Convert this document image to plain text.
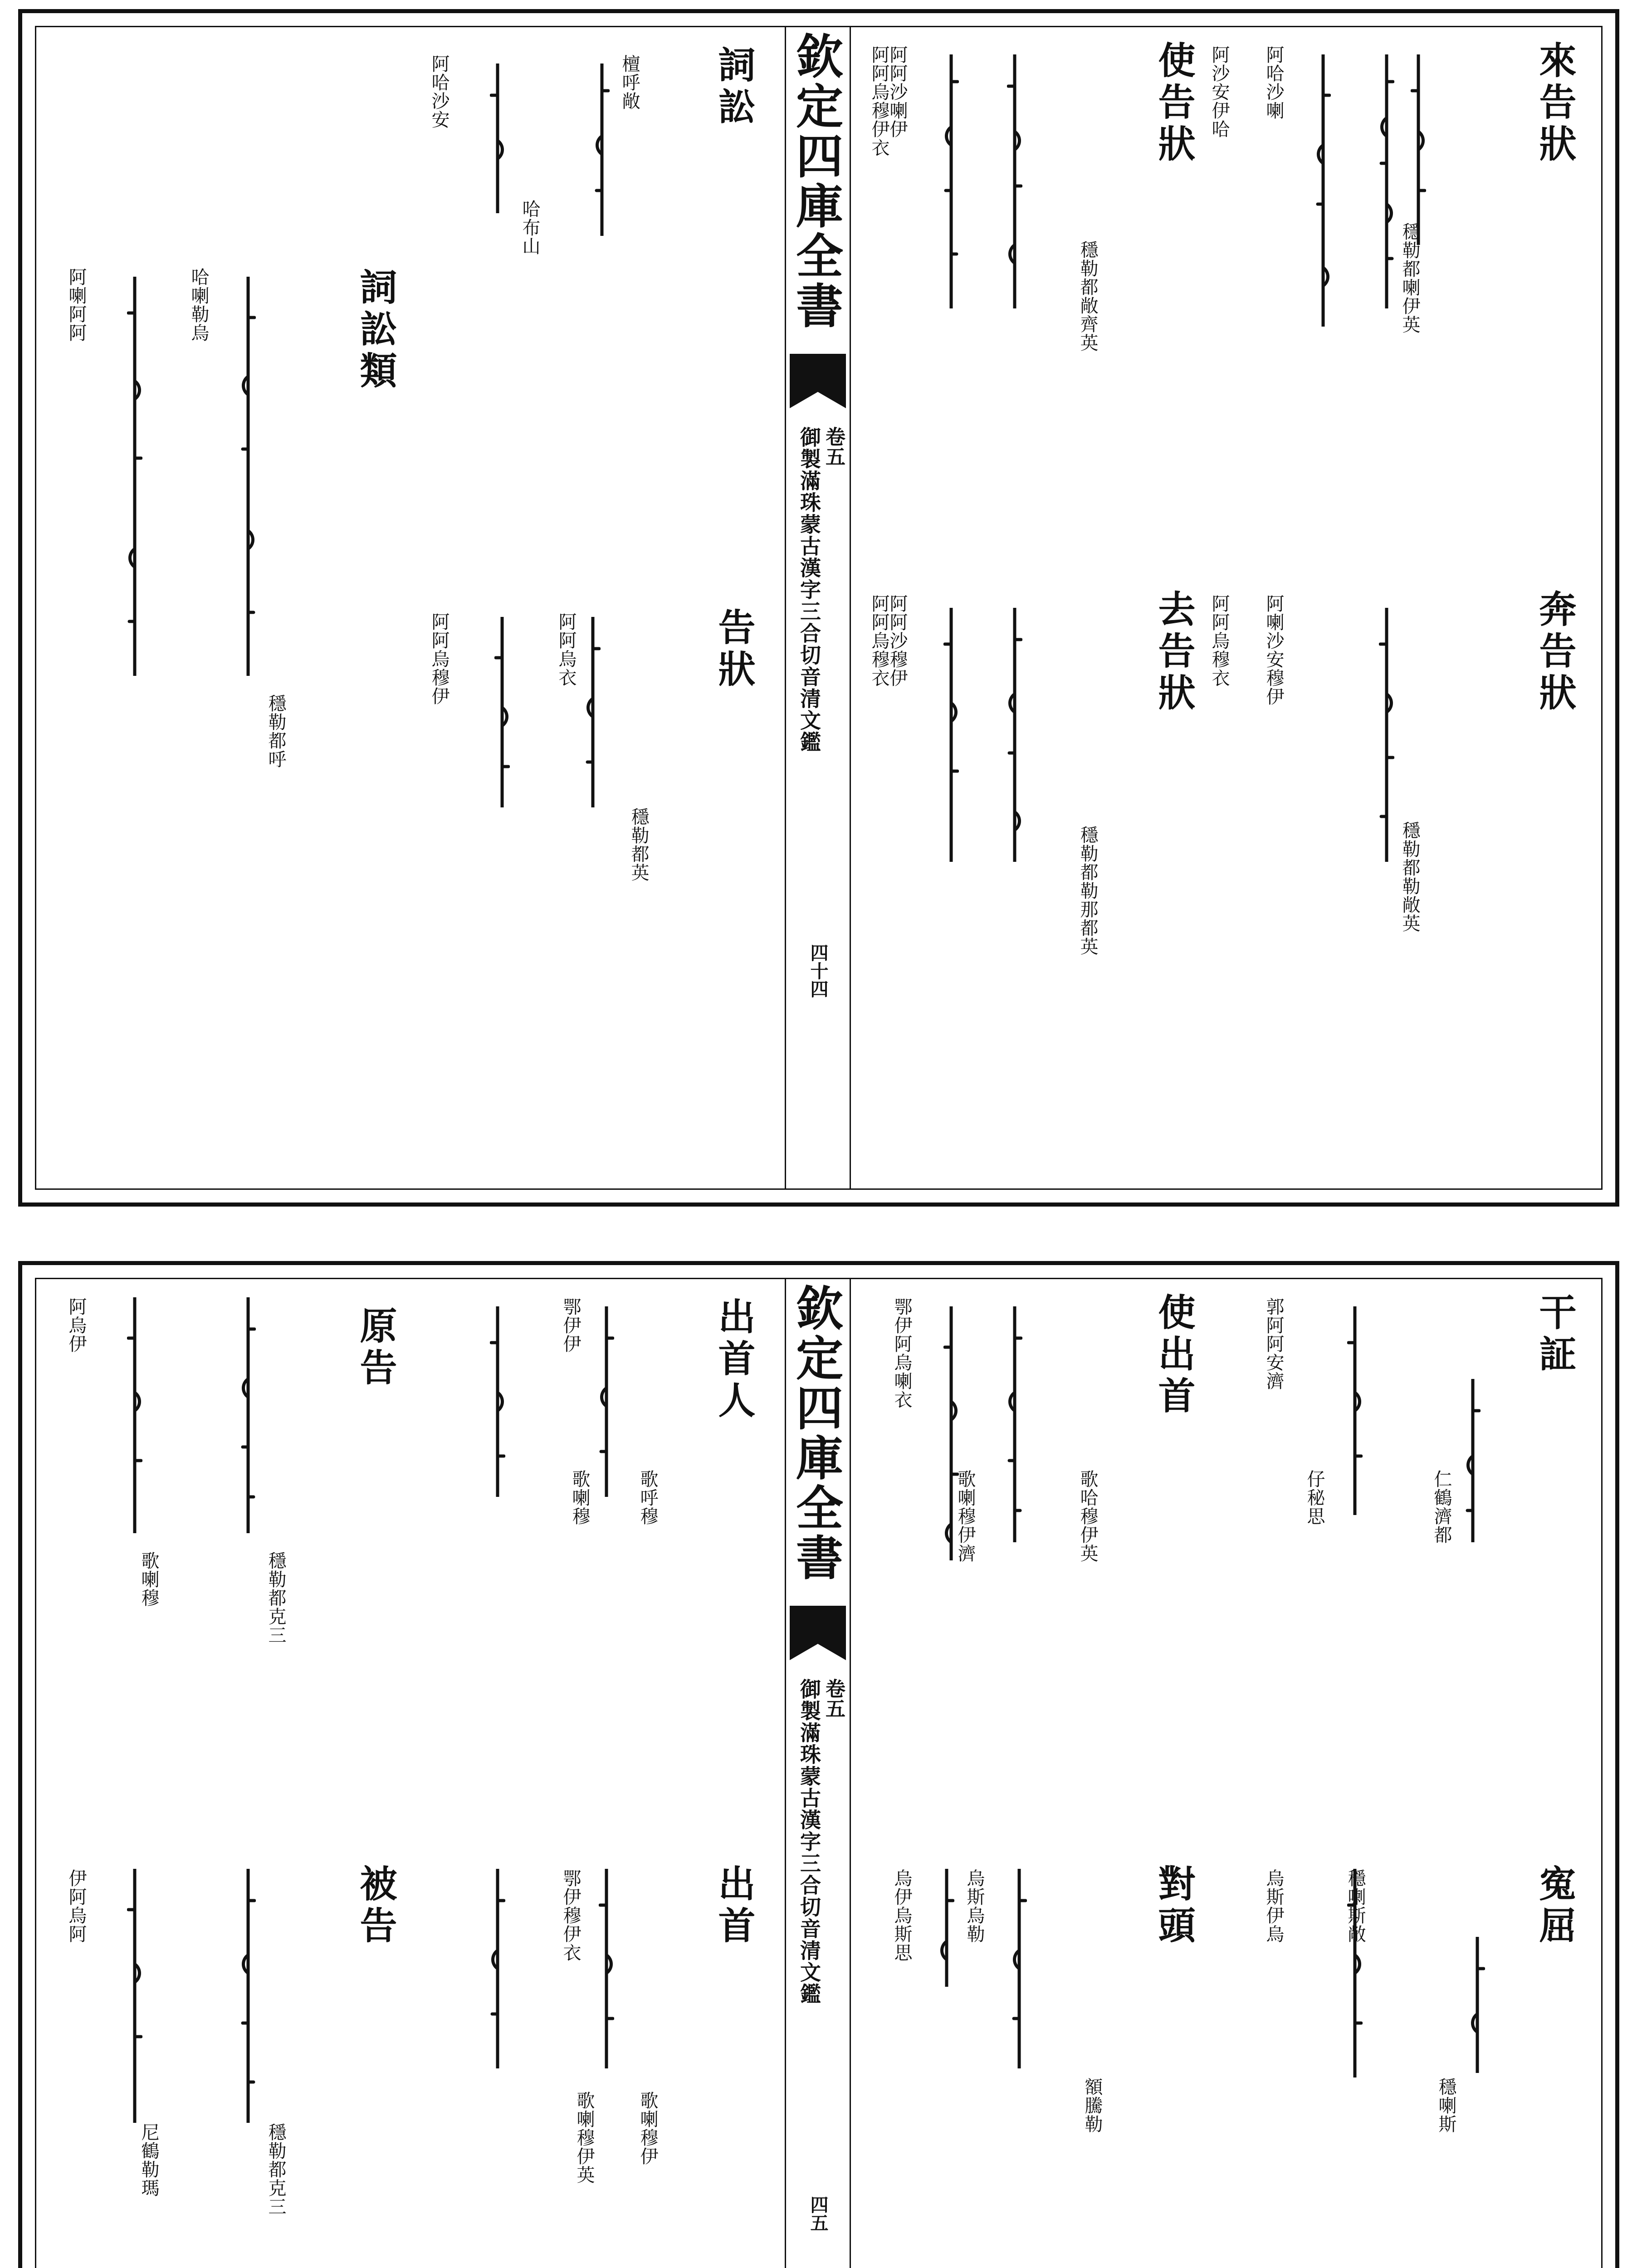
欽定四庫全書
卷五
御製滿珠蒙古漢字三合切音清文鑑
四十四
來告狀
阿哈沙喇
阿沙安伊哈
穩勒都喇伊英
使告狀
阿阿沙喇伊
阿阿烏穆伊衣
穩勒都敞齊英
奔告狀
阿喇沙安穆伊
阿阿烏穆衣
穩勒都勒敞英
去告狀
阿阿沙穆伊
阿阿烏穆衣
穩勒都勒那都英
詞訟
阿哈沙安	檀呼敞
哈布山
詞訟類
阿喇阿阿	哈喇勒烏
穩勒都呼
告狀
阿阿烏穆伊	阿阿烏衣
穩勒都英
欽定四庫全書
卷五
御製滿珠蒙古漢字三合切音清文鑑
四五
干証
郭阿阿安濟
仔秘思	仁鶴濟都
使出首
鄂伊阿烏喇衣
歌喇穆伊濟	歌哈穆伊英
寃屈
烏斯伊烏	穩喇斯敞
穩喇斯
對頭
烏伊烏斯思	烏斯烏勒
額騰勒
出首人
鄂伊伊
歌喇穆	歌呼穆
原告
阿烏伊
歌喇穆	穩勒都克三
出首
鄂伊穆伊衣
歌喇穆伊英 歌喇穆伊
被告
伊阿烏阿
尼鶴勒瑪	穩勒都克三
